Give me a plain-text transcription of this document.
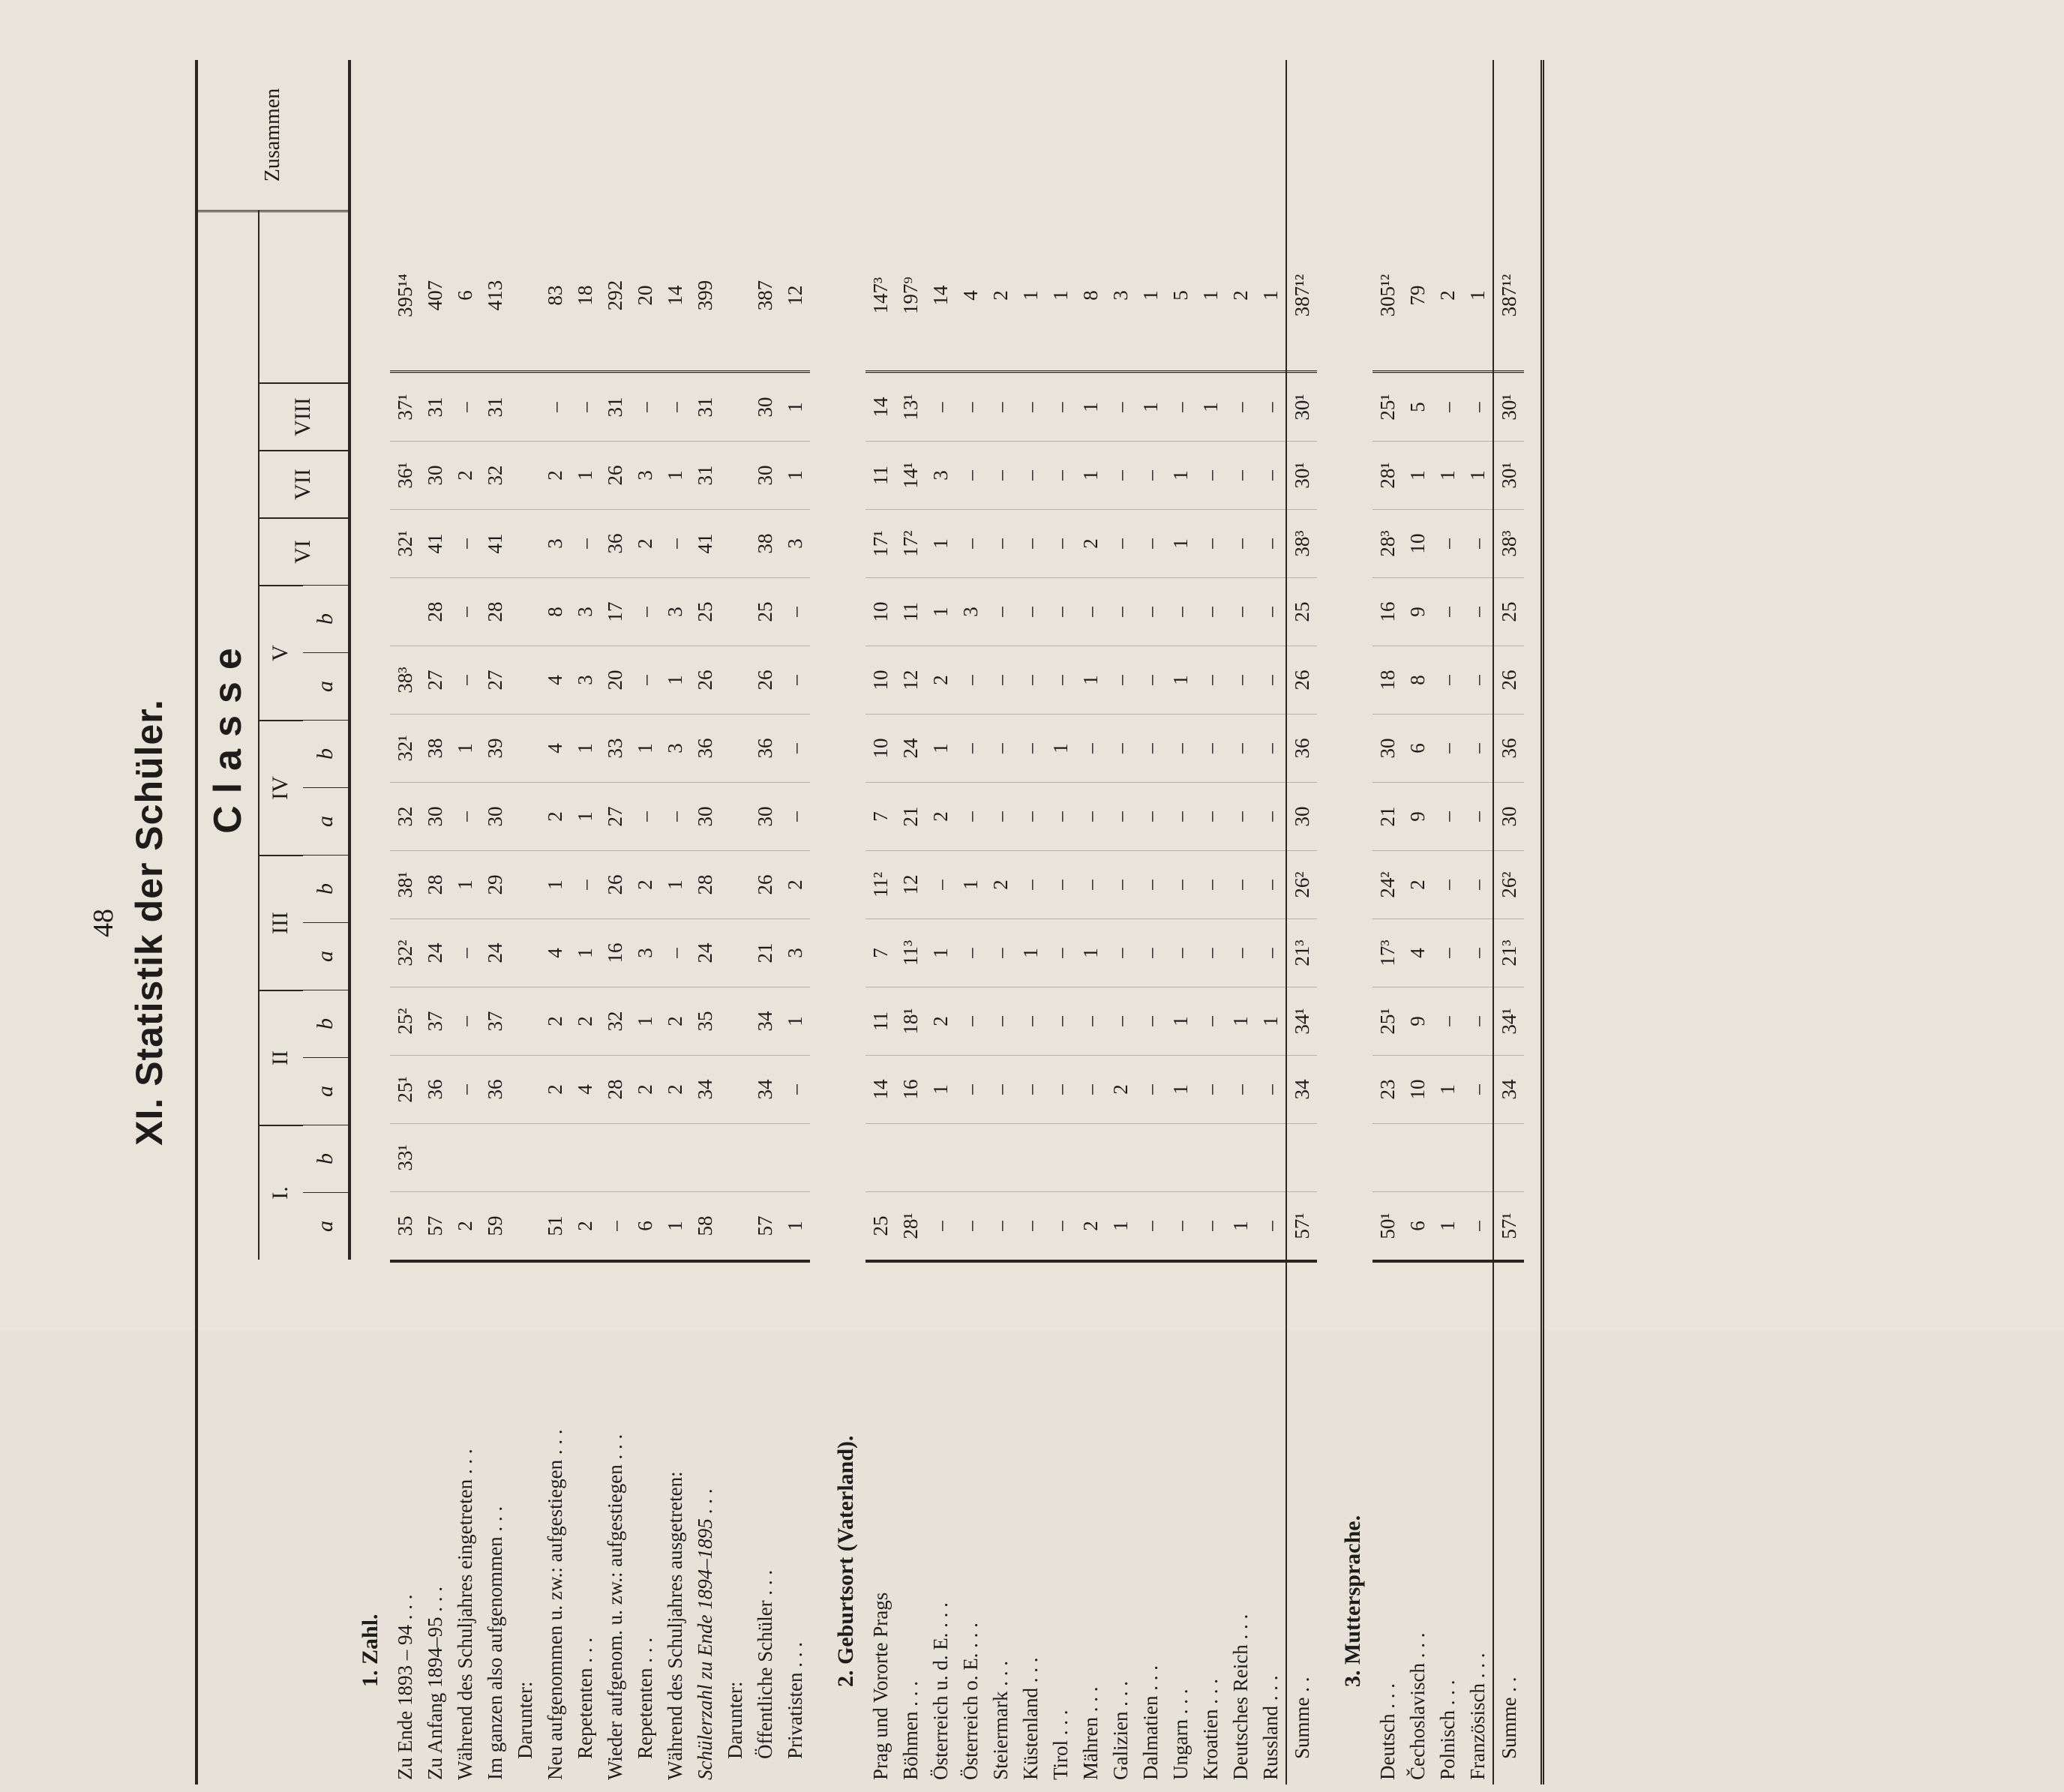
48 XI. Statistik der Schüler. Classe
Zusammen
I.
II
III
IV
V
VI
VII
VIII
a
b
a
b
a
b
a
b
a
b
1. Zahl. Zu Ende 1893 – 94 . . .
35
33¹
25¹
25²
32²
38¹
32
32¹
38³
32¹
36¹
37¹
395¹⁴
Zu Anfang 1894–95 . . .
57
36
37
24
28
30
38
27
28
41
30
31
407
Während des Schuljahres eingetreten . . .
2
–
–
–
1
–
1
–
–
–
2
–
6
Im ganzen also aufgenommen . . .
59
36
37
24
29
30
39
27
28
41
32
31
413
Darunter: Neu aufgenommen u. zw.: aufgestiegen . . .
51
2
2
4
1
2
4
4
8
3
2
–
83
Repetenten . . .
2
4
2
1
–
1
1
3
3
–
1
–
18
Wieder aufgenom. u. zw.: aufgestiegen . . .
–
28
32
16
26
27
33
20
17
36
26
31
292
Repetenten . . .
6
2
1
3
2
–
1
–
–
2
3
–
20
Während des Schuljahres ausgetreten:
1
2
2
–
1
–
3
1
3
–
1
–
14
Schülerzahl zu Ende 1894–1895 . . .
58
34
35
24
28
30
36
26
25
41
31
31
399
Darunter: Öffentliche Schüler . . .
57
34
34
21
26
30
36
26
25
38
30
30
387
Privatisten . . .
1
–
1
3
2
–
–
–
–
3
1
1
12
2. Geburtsort (Vaterland). Prag und Vororte Prags
25
14
11
7
11²
7
10
10
10
17¹
11
14
147³
Böhmen . . .
28¹
16
18¹
11³
12
21
24
12
11
17²
14¹
13¹
197⁹
Österreich u. d. E. . . .
–
1
2
1
–
2
1
2
1
1
3
–
14
Österreich o. E. . . .
–
–
–
–
1
–
–
–
3
–
–
–
4
Steiermark . . .
–
–
–
–
2
–
–
–
–
–
–
–
2
Küstenland . . .
–
–
–
1
–
–
–
–
–
–
–
–
1
Tirol . . .
–
–
–
–
–
–
1
–
–
–
–
–
1
Mähren . . .
2
–
–
1
–
–
–
1
–
2
1
1
8
Galizien . . .
1
2
–
–
–
–
–
–
–
–
–
–
3
Dalmatien . . .
–
–
–
–
–
–
–
–
–
–
–
1
1
Ungarn . . .
–
1
1
–
–
–
–
1
–
1
1
–
5
Kroatien . . .
–
–
–
–
–
–
–
–
–
–
–
1
1
Deutsches Reich . . .
1
–
1
–
–
–
–
–
–
–
–
–
2
Russland . . .
–
–
1
–
–
–
–
–
–
–
–
–
1
Summe . .
57¹
34
34¹
21³
26²
30
36
26
25
38³
30¹
30¹
387¹²
3. Muttersprache.
Deutsch . . .
50¹
23
25¹
17³
24²
21
30
18
16
28³
28¹
25¹
305¹²
Čechoslavisch . . .
6
10
9
4
2
9
6
8
9
10
1
5
79
Polnisch . . .
1
1
–
–
–
–
–
–
–
–
1
–
2
Französisch . . .
–
–
–
–
–
–
–
–
–
–
1
–
1
Summe . .
57¹
34
34¹
21³
26²
30
36
26
25
38³
30¹
30¹
387¹²
